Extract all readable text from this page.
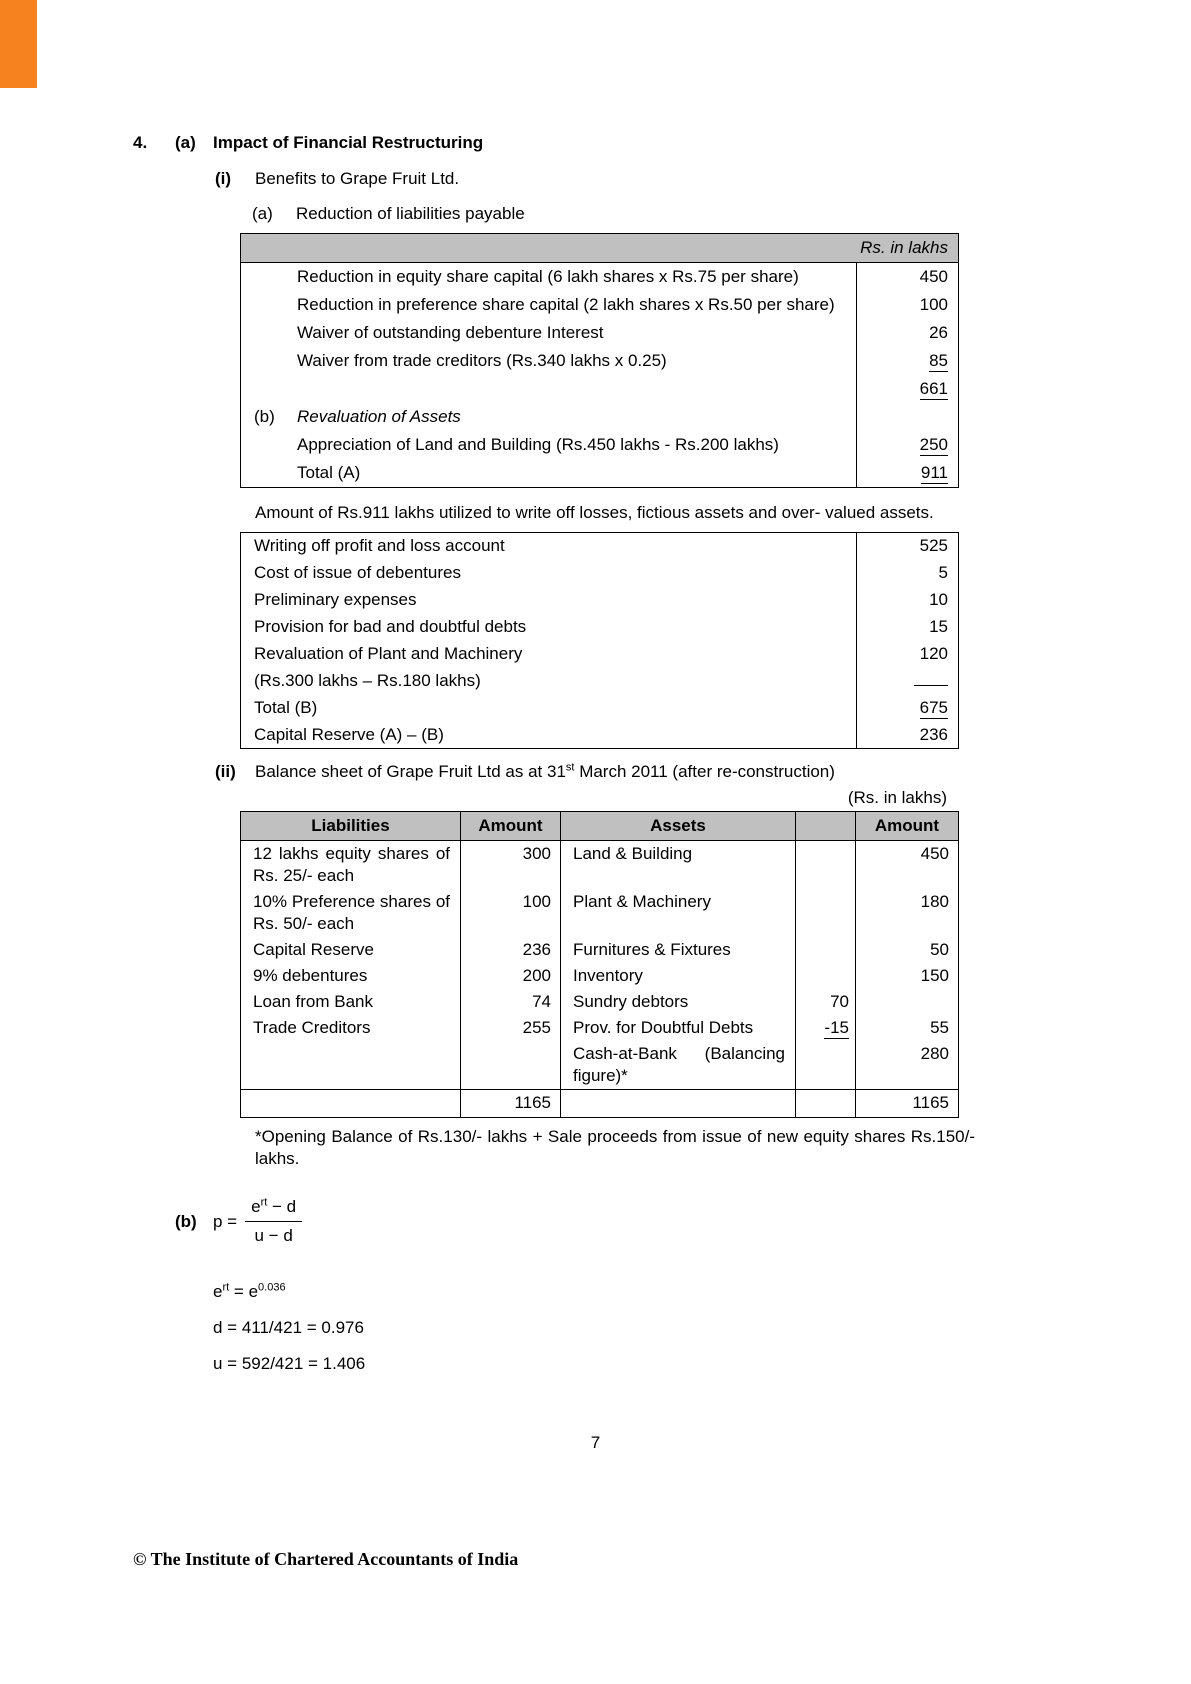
4. (a) Impact of Financial Restructuring
(i) Benefits to Grape Fruit Ltd.
(a) Reduction of liabilities payable
Rs. in lakhs	
Reduction in equity share capital (6 lakh shares x Rs.75 per share)	450
Reduction in preference share capital (2 lakh shares x Rs.50 per share)	100
Waiver of outstanding debenture Interest	26
Waiver from trade creditors (Rs.340 lakhs x 0.25)	85
	661
(b) Revaluation of Assets	
Appreciation of Land and Building (Rs.450 lakhs - Rs.200 lakhs)	250
Total (A)	911
Amount of Rs.911 lakhs utilized to write off losses, fictious assets and over- valued assets.
Writing off profit and loss account	525
Cost of issue of debentures	5
Preliminary expenses	10
Provision for bad and doubtful debts	15
Revaluation of Plant and Machinery	120
(Rs.300 lakhs – Rs.180 lakhs)	
Total (B)	675
Capital Reserve (A) – (B)	236
(ii) Balance sheet of Grape Fruit Ltd as at 31st March 2011 (after re-construction)
(Rs. in lakhs)
Liabilities	Amount	Assets		Amount
12 lakhs equity shares of Rs. 25/- each	300	Land & Building		450
10% Preference shares of Rs. 50/- each	100	Plant & Machinery		180
Capital Reserve	236	Furnitures & Fixtures		50
9% debentures	200	Inventory		150
Loan from Bank	74	Sundry debtors	70	
Trade Creditors	255	Prov. for Doubtful Debts	-15	55
		Cash-at-Bank (Balancing figure)*		280
	1165			1165
*Opening Balance of Rs.130/- lakhs + Sale proceeds from issue of new equity shares Rs.150/- lakhs.
(b) $p = \frac{e^{rt} - d}{u - d}$
$e^{rt} = e^{0.036}$
d = 411/421 = 0.976
u = 592/421 = 1.406
7
© The Institute of Chartered Accountants of India
